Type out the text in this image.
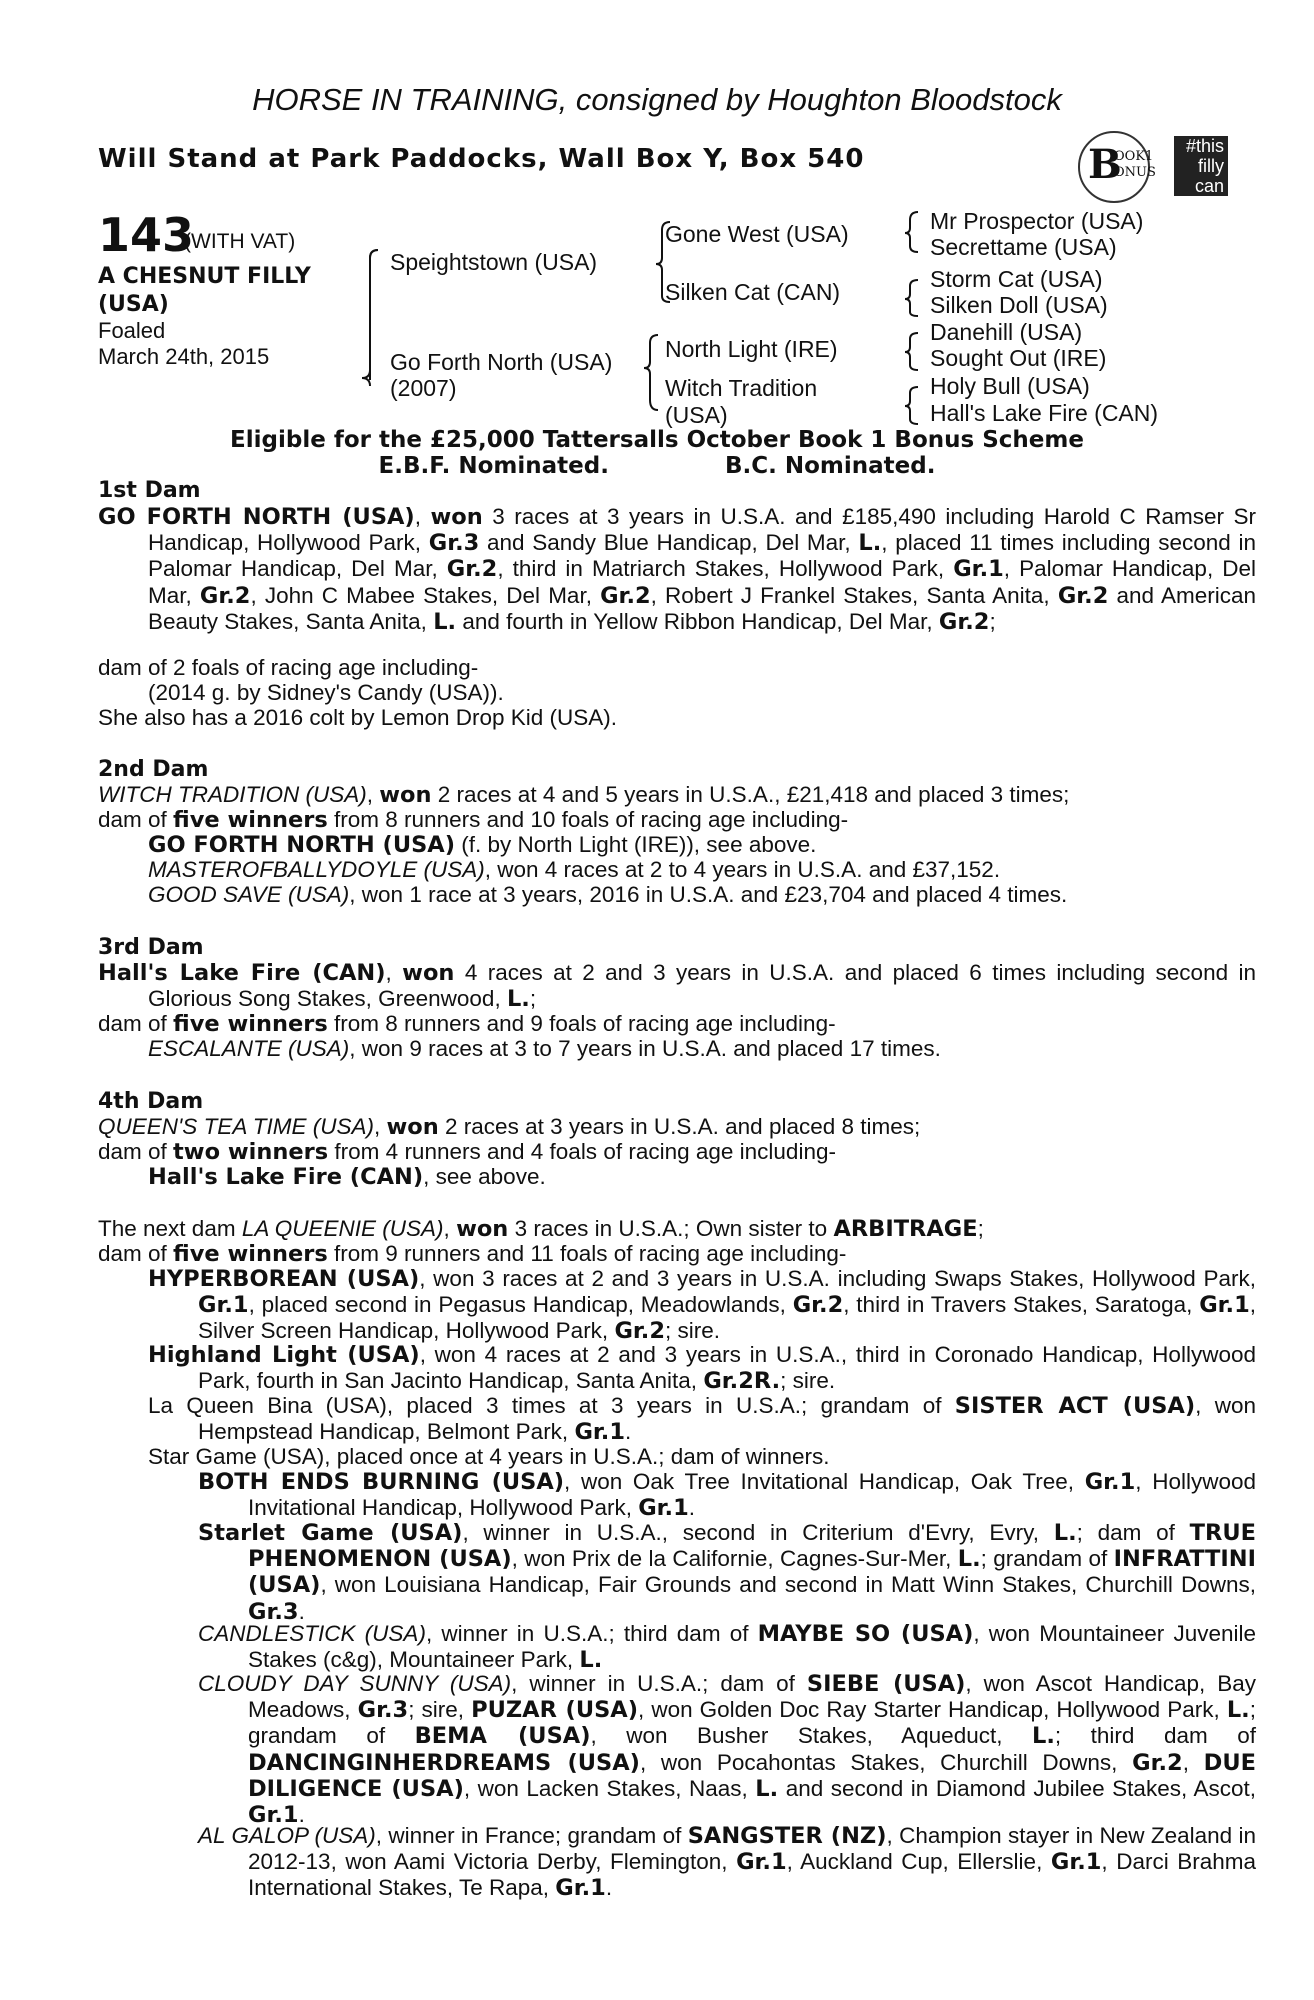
HORSE IN TRAINING, consigned by Houghton Bloodstock
Will Stand at Park Paddocks, Wall Box Y, Box 540	B
OOK1
ONUS
#this
filly
can
143
(WITH VAT)
A CHESNUT FILLY
(USA)
Foaled
March 24th, 2015
Speightstown (USA)
Go Forth North (USA)
(2007)
Gone West (USA)
Silken Cat (CAN)
North Light (IRE)
Witch Tradition
(USA)
Mr Prospector (USA)
Secrettame (USA)
Storm Cat (USA)
Silken Doll (USA)
Danehill (USA)
Sought Out (IRE)
Holy Bull (USA)
Hall's Lake Fire (CAN)
Eligible for the £25,000 Tattersalls October Book 1 Bonus Scheme
E.B.F. Nominated.	B.C. Nominated.
1st Dam

GO FORTH NORTH (USA), won 3 races at 3 years in U.S.A. and £185,490 including Harold C Ramser Sr Handicap, Hollywood Park, Gr.3 and Sandy Blue Handicap, Del Mar, L., placed 11 times including second in Palomar Handicap, Del Mar, Gr.2, third in Matriarch Stakes, Hollywood Park, Gr.1, Palomar Handicap, Del Mar, Gr.2, John C Mabee Stakes, Del Mar, Gr.2, Robert J Frankel Stakes, Santa Anita, Gr.2 and American Beauty Stakes, Santa Anita, L. and fourth in Yellow Ribbon Handicap, Del Mar, Gr.2;

dam of 2 foals of racing age including-
(2014 g. by Sidney's Candy (USA)).
She also has a 2016 colt by Lemon Drop Kid (USA).
2nd Dam
WITCH TRADITION (USA), won 2 races at 4 and 5 years in U.S.A., £21,418 and placed 3 times;
dam of five winners from 8 runners and 10 foals of racing age including-
GO FORTH NORTH (USA) (f. by North Light (IRE)), see above.
MASTEROFBALLYDOYLE (USA), won 4 races at 2 to 4 years in U.S.A. and £37,152.
GOOD SAVE (USA), won 1 race at 3 years, 2016 in U.S.A. and £23,704 and placed 4 times.
3rd Dam

Hall's Lake Fire (CAN), won 4 races at 2 and 3 years in U.S.A. and placed 6 times including second in Glorious Song Stakes, Greenwood, L.;

dam of five winners from 8 runners and 9 foals of racing age including-
ESCALANTE (USA), won 9 races at 3 to 7 years in U.S.A. and placed 17 times.
4th Dam
QUEEN'S TEA TIME (USA), won 2 races at 3 years in U.S.A. and placed 8 times;
dam of two winners from 4 runners and 4 foals of racing age including-
Hall's Lake Fire (CAN), see above.
The next dam LA QUEENIE (USA), won 3 races in U.S.A.; Own sister to ARBITRAGE;
dam of five winners from 9 runners and 11 foals of racing age including-

HYPERBOREAN (USA), won 3 races at 2 and 3 years in U.S.A. including Swaps Stakes, Hollywood Park, Gr.1, placed second in Pegasus Handicap, Meadowlands, Gr.2, third in Travers Stakes, Saratoga, Gr.1, Silver Screen Handicap, Hollywood Park, Gr.2; sire.

Highland Light (USA), won 4 races at 2 and 3 years in U.S.A., third in Coronado Handicap, Hollywood Park, fourth in San Jacinto Handicap, Santa Anita, Gr.2R.; sire.

La Queen Bina (USA), placed 3 times at 3 years in U.S.A.; grandam of SISTER ACT (USA), won Hempstead Handicap, Belmont Park, Gr.1.

Star Game (USA), placed once at 4 years in U.S.A.; dam of winners.

BOTH ENDS BURNING (USA), won Oak Tree Invitational Handicap, Oak Tree, Gr.1, Hollywood Invitational Handicap, Hollywood Park, Gr.1.

Starlet Game (USA), winner in U.S.A., second in Criterium d'Evry, Evry, L.; dam of TRUE PHENOMENON (USA), won Prix de la Californie, Cagnes-Sur-Mer, L.; grandam of INFRATTINI (USA), won Louisiana Handicap, Fair Grounds and second in Matt Winn Stakes, Churchill Downs, Gr.3.

CANDLESTICK (USA), winner in U.S.A.; third dam of MAYBE SO (USA), won Mountaineer Juvenile Stakes (c&g), Mountaineer Park, L.

CLOUDY DAY SUNNY (USA), winner in U.S.A.; dam of SIEBE (USA), won Ascot Handicap, Bay Meadows, Gr.3; sire, PUZAR (USA), won Golden Doc Ray Starter Handicap, Hollywood Park, L.; grandam of BEMA (USA), won Busher Stakes, Aqueduct, L.; third dam of DANCINGINHERDREAMS (USA), won Pocahontas Stakes, Churchill Downs, Gr.2, DUE DILIGENCE (USA), won Lacken Stakes, Naas, L. and second in Diamond Jubilee Stakes, Ascot, Gr.1.

AL GALOP (USA), winner in France; grandam of SANGSTER (NZ), Champion stayer in New Zealand in 2012-13, won Aami Victoria Derby, Flemington, Gr.1, Auckland Cup, Ellerslie, Gr.1, Darci Brahma International Stakes, Te Rapa, Gr.1.
